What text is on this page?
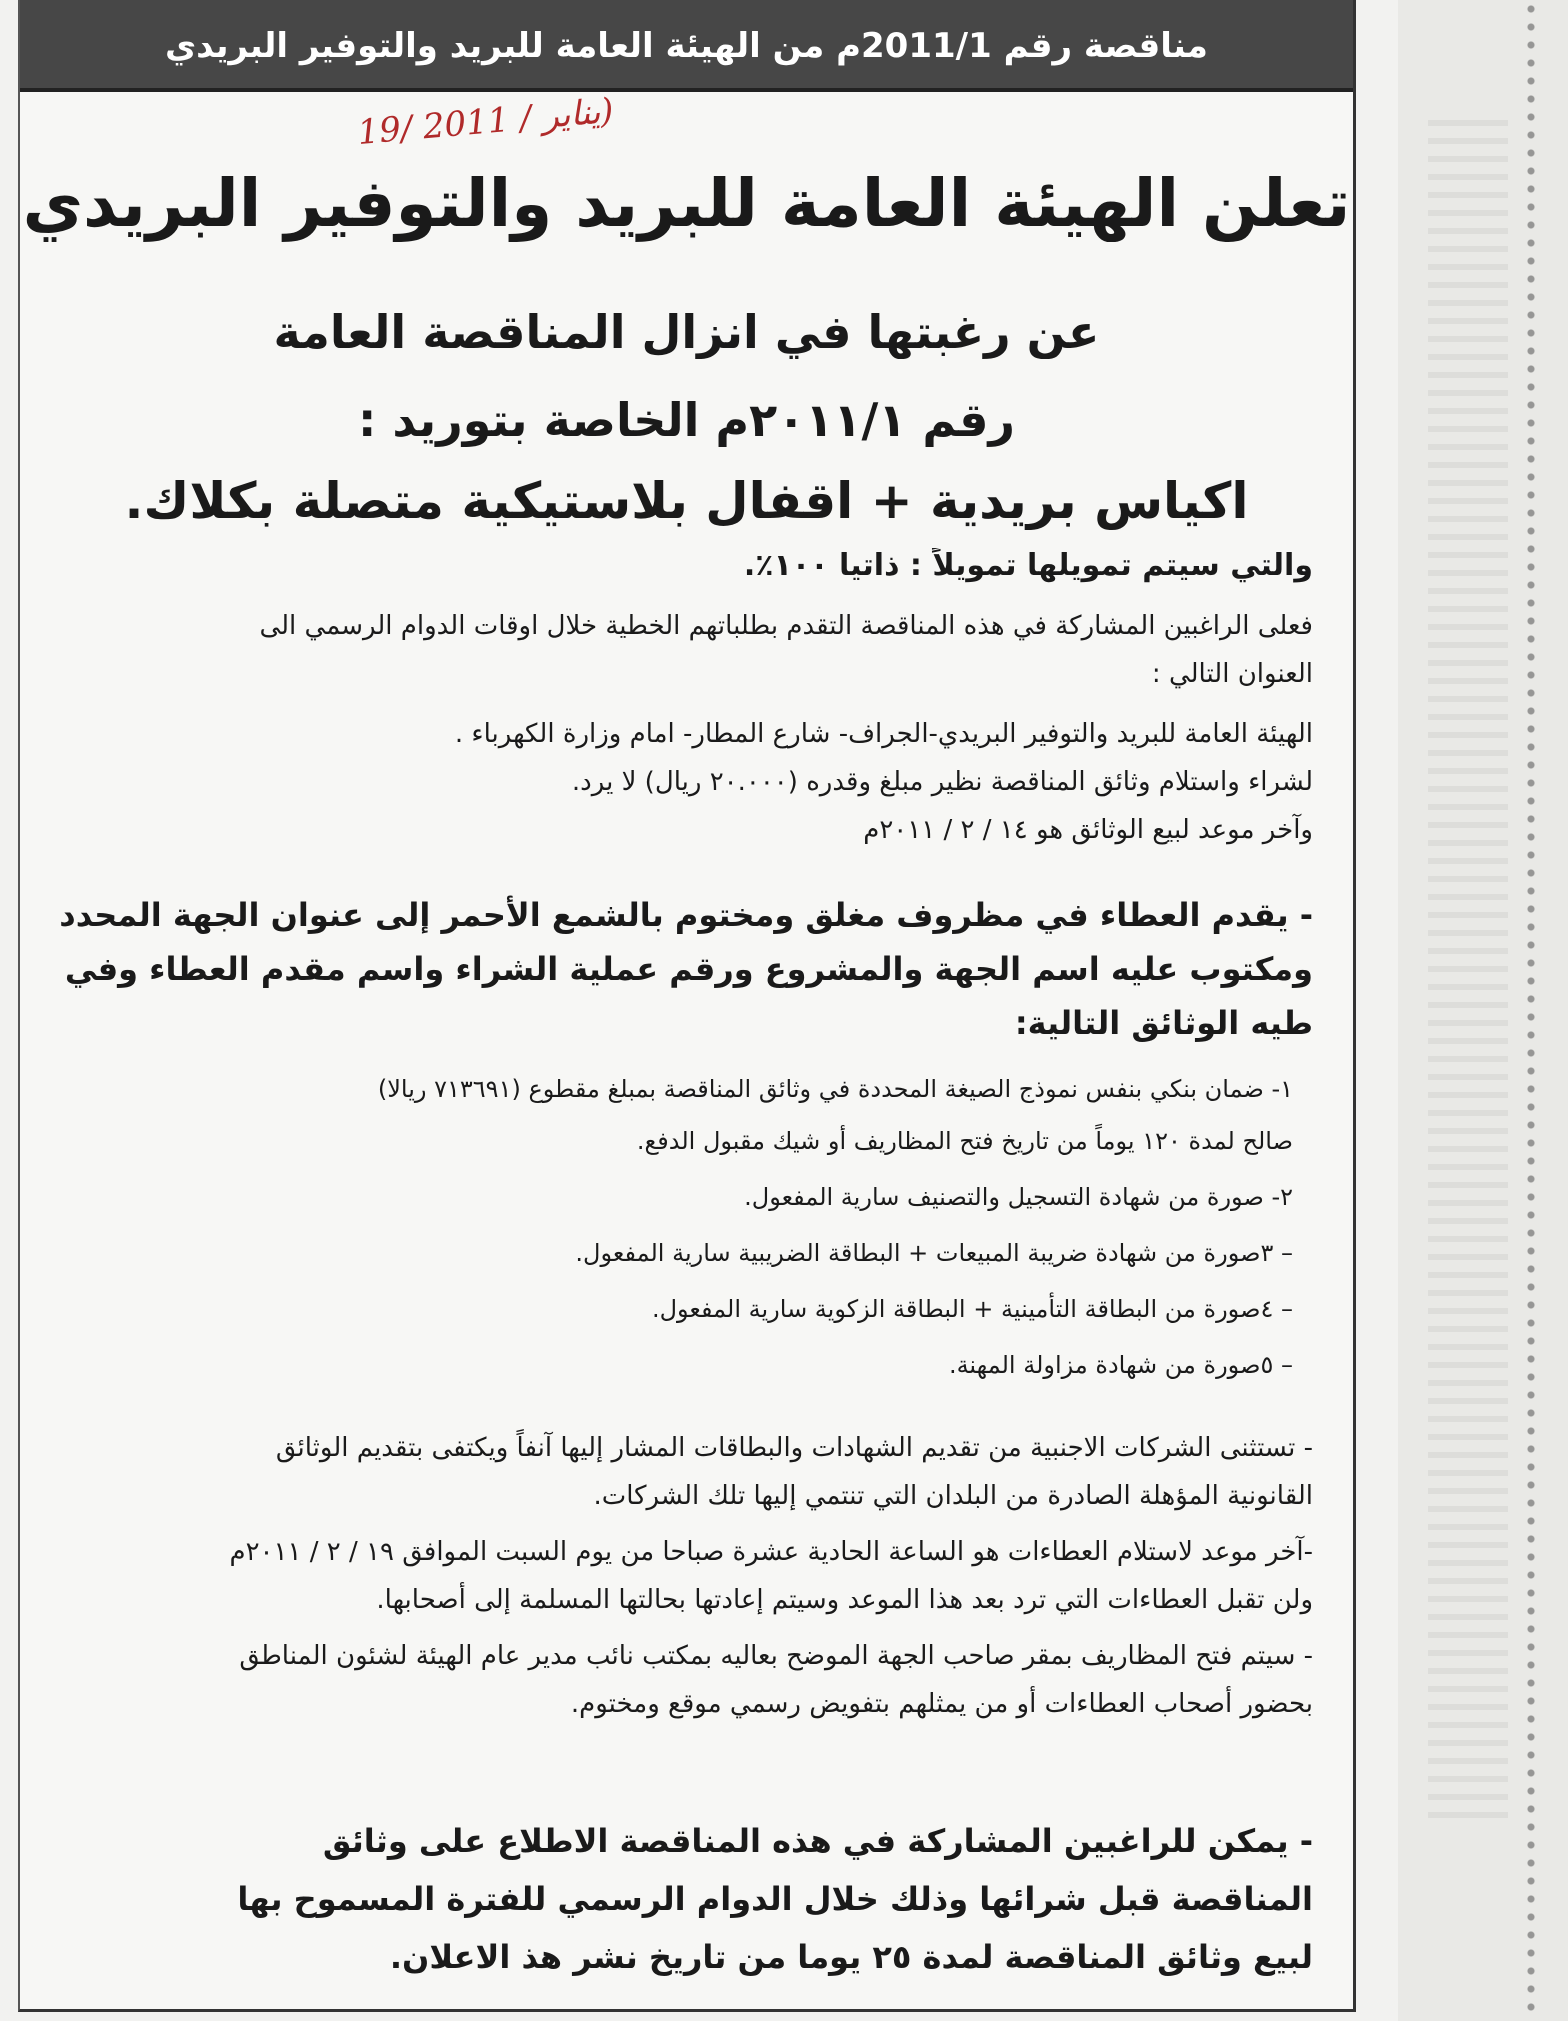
مناقصة رقم 2011/1م من الهيئة العامة للبريد والتوفير البريدي
19/ يناير / 2011)
تعلن الهيئة العامة للبريد والتوفير البريدي
عن رغبتها في انزال المناقصة العامة
رقم ٢٠١١/١م الخاصة بتوريد :
اكياس بريدية + اقفال بلاستيكية متصلة بكلاك.
والتي سيتم تمويلها تمويلاً : ذاتيا ١٠٠٪.
فعلى الراغبين المشاركة في هذه المناقصة التقدم بطلباتهم الخطية خلال اوقات الدوام الرسمي الى
العنوان التالي :
الهيئة العامة للبريد والتوفير البريدي-الجراف- شارع المطار- امام وزارة الكهرباء .
لشراء واستلام وثائق المناقصة نظير مبلغ وقدره (٢٠.٠٠٠ ريال) لا يرد.
وآخر موعد لبيع الوثائق هو ١٤ / ٢ / ٢٠١١م
- يقدم العطاء في مظروف مغلق ومختوم بالشمع الأحمر إلى عنوان الجهة المحدد
ومكتوب عليه اسم الجهة والمشروع ورقم عملية الشراء واسم مقدم العطاء وفي
طيه الوثائق التالية:
١- ضمان بنكي بنفس نموذج الصيغة المحددة في وثائق المناقصة بمبلغ مقطوع (٧١٣٦٩١ ريالا)
صالح لمدة ١٢٠ يوماً من تاريخ فتح المظاريف أو شيك مقبول الدفع.
٢- صورة من شهادة التسجيل والتصنيف سارية المفعول.
– ٣صورة من شهادة ضريبة المبيعات + البطاقة الضريبية سارية المفعول.
– ٤صورة من البطاقة التأمينية + البطاقة الزكوية سارية المفعول.
– ٥صورة من شهادة مزاولة المهنة.
- تستثنى الشركات الاجنبية من تقديم الشهادات والبطاقات المشار إليها آنفاً ويكتفى بتقديم الوثائق
القانونية المؤهلة الصادرة من البلدان التي تنتمي إليها تلك الشركات.
-آخر موعد لاستلام العطاءات هو الساعة الحادية عشرة صباحا من يوم السبت الموافق ١٩ / ٢ / ٢٠١١م
ولن تقبل العطاءات التي ترد بعد هذا الموعد وسيتم إعادتها بحالتها المسلمة إلى أصحابها.
- سيتم فتح المظاريف بمقر صاحب الجهة الموضح بعاليه بمكتب نائب مدير عام الهيئة لشئون المناطق
بحضور أصحاب العطاءات أو من يمثلهم بتفويض رسمي موقع ومختوم.
- يمكن للراغبين المشاركة في هذه المناقصة الاطلاع على وثائق
المناقصة قبل شرائها وذلك خلال الدوام الرسمي للفترة المسموح بها
لبيع وثائق المناقصة لمدة ٢٥ يوما من تاريخ نشر هذ الاعلان.
